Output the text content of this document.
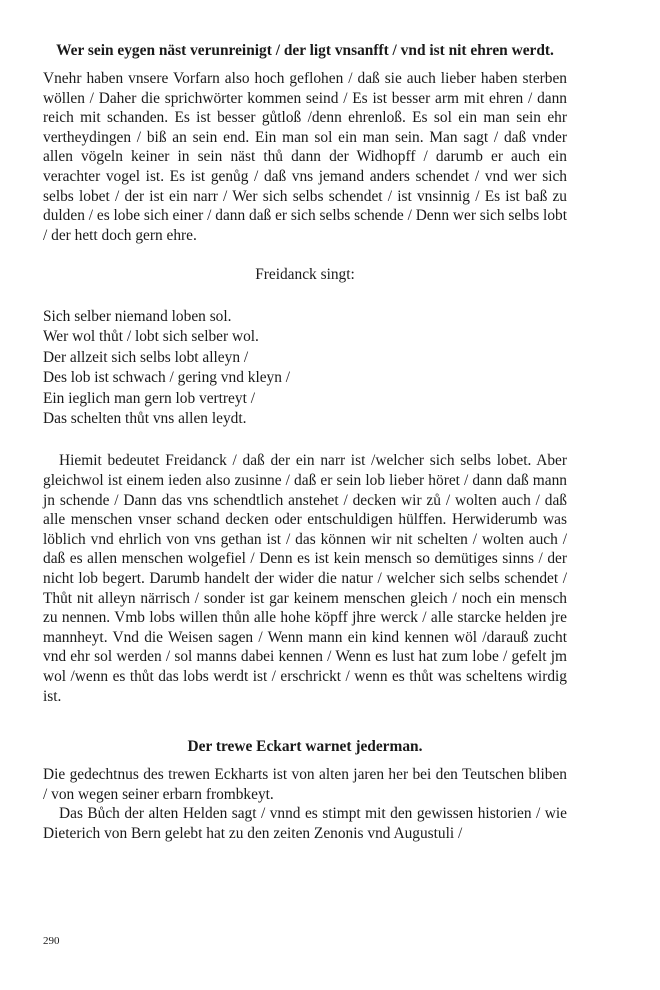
Wer sein eygen näst verunreinigt / der ligt vnsanfft / vnd ist nit ehren werdt.

Vnehr haben vnsere Vorfarn also hoch geflohen / daß sie auch lieber haben sterben wöllen / Daher die sprichwörter kommen seind / Es ist besser arm mit ehren / dann reich mit schanden. Es ist besser gůtloß /denn ehrenloß. Es sol ein man sein ehr vertheydingen / biß an sein end. Ein man sol ein man sein. Man sagt / daß vnder allen vögeln keiner in sein näst thů dann der Widhopff / darumb er auch ein verachter vogel ist. Es ist genůg / daß vns jemand anders schendet / vnd wer sich selbs lobet / der ist ein narr / Wer sich selbs schendet / ist vnsinnig / Es ist baß zu dulden / es lobe sich einer / dann daß er sich selbs schende / Denn wer sich selbs lobt / der hett doch gern ehre.

Freidanck singt:

Sich selber niemand loben sol.
Wer wol thůt / lobt sich selber wol.
Der allzeit sich selbs lobt alleyn /
Des lob ist schwach / gering vnd kleyn /
Ein ieglich man gern lob vertreyt /
Das schelten thůt vns allen leydt.

Hiemit bedeutet Freidanck / daß der ein narr ist /welcher sich selbs lobet. Aber gleichwol ist einem ieden also zusinne / daß er sein lob lieber höret / dann daß mann jn schende / Dann das vns schendtlich anstehet / decken wir zů / wolten auch / daß alle menschen vnser schand decken oder entschuldigen hülffen. Herwiderumb was löblich vnd ehrlich von vns gethan ist / das können wir nit schelten / wolten auch / daß es allen menschen wolgefiel / Denn es ist kein mensch so demütiges sinns / der nicht lob begert. Darumb handelt der wider die natur / welcher sich selbs schendet / Thůt nit alleyn närrisch / sonder ist gar keinem menschen gleich / noch ein mensch zu nennen. Vmb lobs willen thůn alle hohe köpff jhre werck / alle starcke helden jre mannheyt. Vnd die Weisen sagen / Wenn mann ein kind kennen wöl /darauß zucht vnd ehr sol werden / sol manns dabei kennen / Wenn es lust hat zum lobe / gefelt jm wol /wenn es thůt das lobs werdt ist / erschrickt / wenn es thůt was scheltens wirdig ist.

Der trewe Eckart warnet jederman.

Die gedechtnus des trewen Eckharts ist von alten jaren her bei den Teutschen bliben / von wegen seiner erbarn frombkeyt.

Das Bůch der alten Helden sagt / vnnd es stimpt mit den gewissen historien / wie Dieterich von Bern gelebt hat zu den zeiten Zenonis vnd Augustuli /

290
